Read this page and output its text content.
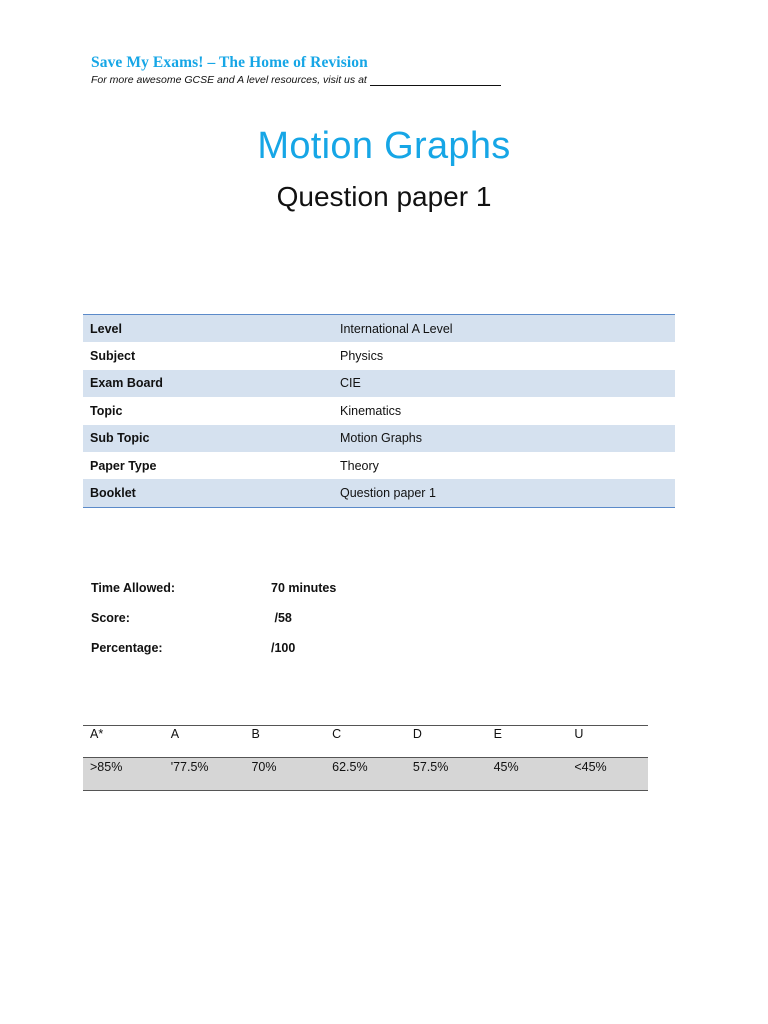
Save My Exams! – The Home of Revision
For more awesome GCSE and A level resources, visit us at
Motion Graphs
Question paper 1
Level	International A Level
Subject	Physics
Exam Board	CIE
Topic	Kinematics
Sub Topic	Motion Graphs
Paper Type	Theory
Booklet	Question paper 1
Time Allowed:	70 minutes
Score:	/58
Percentage:	/100
A*	A	B	C	D	E	U
>85%	'77.5%	70%	62.5%	57.5%	45%	<45%
